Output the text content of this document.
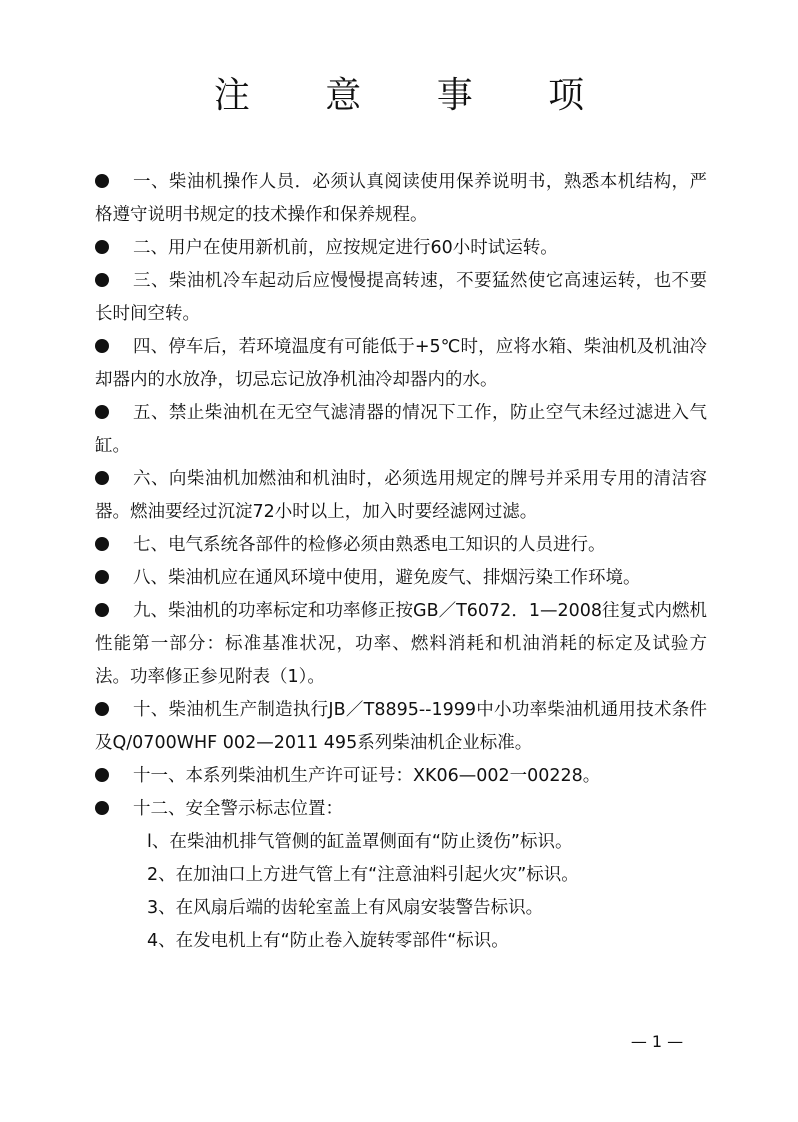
注 意 事 项
一、柴油机操作人员．必须认真阅读使用保养说明书，熟悉本机结构，严格遵守说明书规定的技术操作和保养规程。
二、用户在使用新机前，应按规定进行60小时试运转。
三、柴油机冷车起动后应慢慢提高转速，不要猛然使它高速运转，也不要长时间空转。
四、停车后，若环境温度有可能低于+5℃时，应将水箱、柴油机及机油冷却器内的水放净，切忌忘记放净机油冷却器内的水。
五、禁止柴油机在无空气滤清器的情况下工作，防止空气未经过滤进入气缸。
六、向柴油机加燃油和机油时，必须选用规定的牌号并采用专用的清洁容器。燃油要经过沉淀72小时以上，加入时要经滤网过滤。
七、电气系统各部件的检修必须由熟悉电工知识的人员进行。
八、柴油机应在通风环境中使用，避免废气、排烟污染工作环境。
九、柴油机的功率标定和功率修正按GB／T6072．1—2008往复式内燃机性能第一部分：标准基准状况，功率、燃料消耗和机油消耗的标定及试验方法。功率修正参见附表（1）。
十、柴油机生产制造执行JB／T8895--1999中小功率柴油机通用技术条件及Q/0700WHF 002—2011 495系列柴油机企业标准。
十一、本系列柴油机生产许可证号：XK06—002一00228。
十二、安全警示标志位置：
l、在柴油机排气管侧的缸盖罩侧面有“防止烫伤”标识。
2、在加油口上方进气管上有“注意油料引起火灾”标识。
3、在风扇后端的齿轮室盖上有风扇安装警告标识。
4、在发电机上有“防止卷入旋转零部件“标识。
— 1 —
